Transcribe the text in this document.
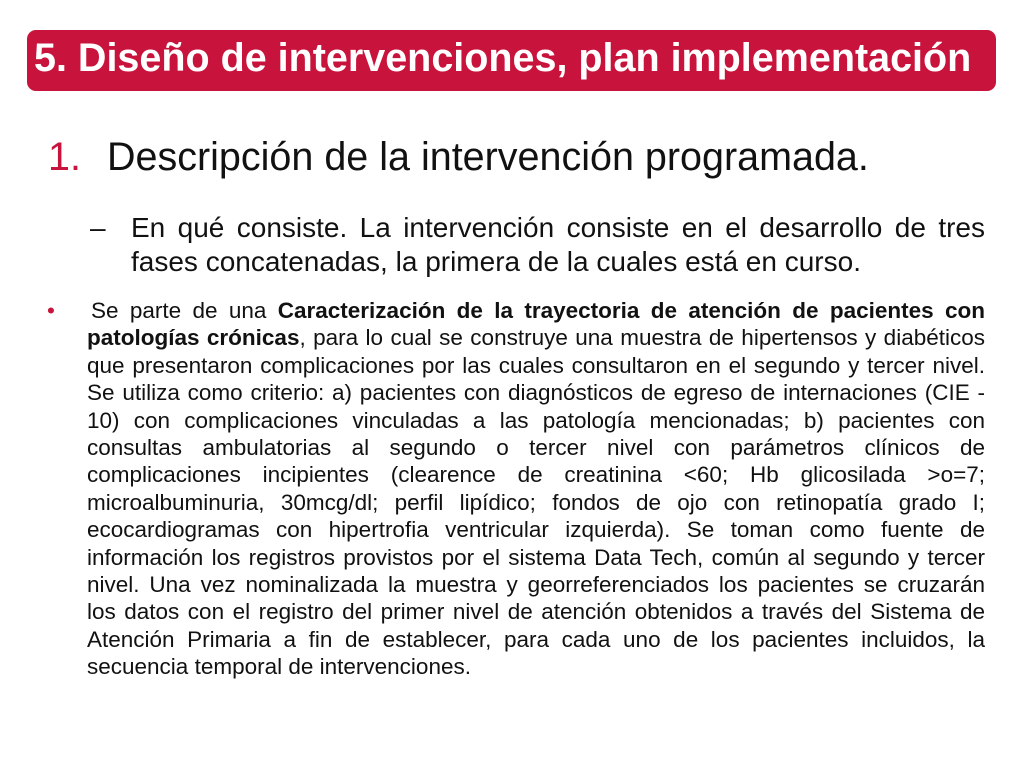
5. Diseño de intervenciones, plan implementación
1. Descripción de la intervención programada.
– En qué consiste. La intervención consiste en el desarrollo de tres
fases concatenadas, la primera de la cuales está en curso.
• Se parte de una Caracterización de la trayectoria de atención de pacientes con
patologías crónicas, para lo cual se construye una muestra de hipertensos y diabéticos
que presentaron complicaciones por las cuales consultaron en el segundo y tercer nivel.
Se utiliza como criterio: a) pacientes con diagnósticos de egreso de internaciones (CIE -
10) con complicaciones vinculadas a las patología mencionadas; b) pacientes con
consultas ambulatorias al segundo o tercer nivel con parámetros clínicos de
complicaciones incipientes (clearence de creatinina <60; Hb glicosilada >o=7;
microalbuminuria, 30mcg/dl; perfil lipídico; fondos de ojo con retinopatía grado I;
ecocardiogramas con hipertrofia ventricular izquierda). Se toman como fuente de
información los registros provistos por el sistema Data Tech, común al segundo y tercer
nivel. Una vez nominalizada la muestra y georreferenciados los pacientes se cruzarán
los datos con el registro del primer nivel de atención obtenidos a través del Sistema de
Atención Primaria a fin de establecer, para cada uno de los pacientes incluidos, la
secuencia temporal de intervenciones.
